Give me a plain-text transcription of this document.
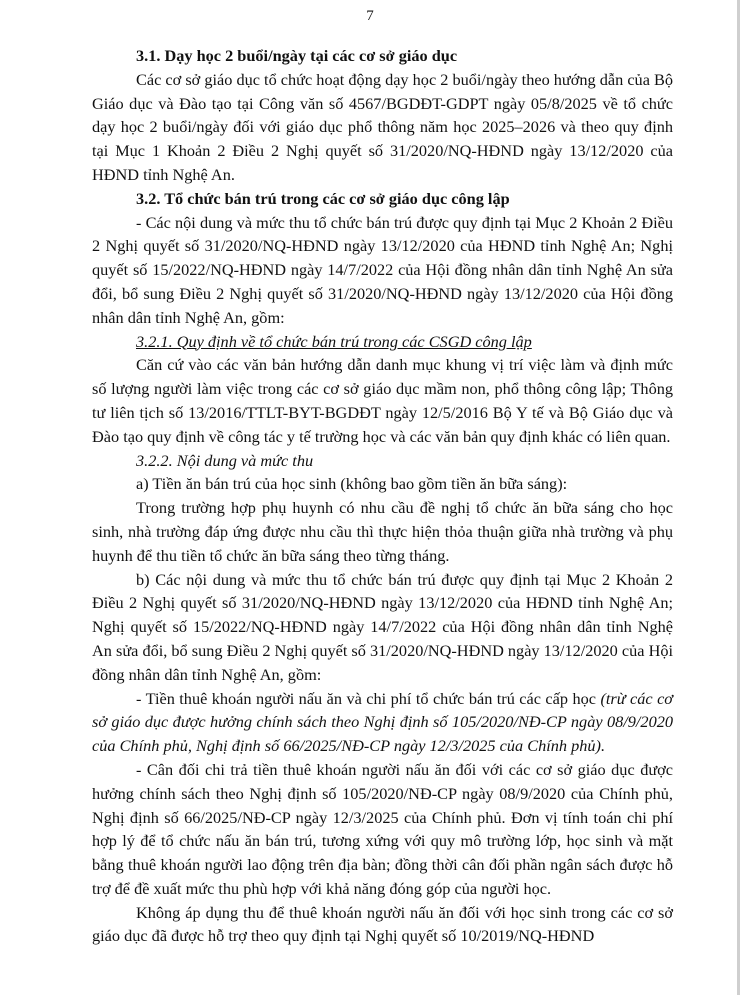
7

3.1. Dạy học 2 buổi/ngày tại các cơ sở giáo dục

Các cơ sở giáo dục tổ chức hoạt động dạy học 2 buổi/ngày theo hướng dẫn của Bộ Giáo dục và Đào tạo tại Công văn số 4567/BGDĐT-GDPT ngày 05/8/2025 về tổ chức dạy học 2 buổi/ngày đối với giáo dục phổ thông năm học 2025–2026 và theo quy định tại Mục 1 Khoản 2 Điều 2 Nghị quyết số 31/2020/NQ-HĐND ngày 13/12/2020 của HĐND tỉnh Nghệ An.

3.2. Tổ chức bán trú trong các cơ sở giáo dục công lập

- Các nội dung và mức thu tổ chức bán trú được quy định tại Mục 2 Khoản 2 Điều 2 Nghị quyết số 31/2020/NQ-HĐND ngày 13/12/2020 của HĐND tỉnh Nghệ An; Nghị quyết số 15/2022/NQ-HĐND ngày 14/7/2022 của Hội đồng nhân dân tỉnh Nghệ An sửa đổi, bổ sung Điều 2 Nghị quyết số 31/2020/NQ-HĐND ngày 13/12/2020 của Hội đồng nhân dân tỉnh Nghệ An, gồm:

3.2.1. Quy định về tổ chức bán trú trong các CSGD công lập

Căn cứ vào các văn bản hướng dẫn danh mục khung vị trí việc làm và định mức số lượng người làm việc trong các cơ sở giáo dục mầm non, phổ thông công lập; Thông tư liên tịch số 13/2016/TTLT-BYT-BGDĐT ngày 12/5/2016 Bộ Y tế và Bộ Giáo dục và Đào tạo quy định về công tác y tế trường học và các văn bản quy định khác có liên quan.

3.2.2. Nội dung và mức thu

a) Tiền ăn bán trú của học sinh (không bao gồm tiền ăn bữa sáng):

Trong trường hợp phụ huynh có nhu cầu đề nghị tổ chức ăn bữa sáng cho học sinh, nhà trường đáp ứng được nhu cầu thì thực hiện thỏa thuận giữa nhà trường và phụ huynh để thu tiền tổ chức ăn bữa sáng theo từng tháng.

b) Các nội dung và mức thu tổ chức bán trú được quy định tại Mục 2 Khoản 2 Điều 2 Nghị quyết số 31/2020/NQ-HĐND ngày 13/12/2020 của HĐND tỉnh Nghệ An; Nghị quyết số 15/2022/NQ-HĐND ngày 14/7/2022 của Hội đồng nhân dân tỉnh Nghệ An sửa đổi, bổ sung Điều 2 Nghị quyết số 31/2020/NQ-HĐND ngày 13/12/2020 của Hội đồng nhân dân tỉnh Nghệ An, gồm:

- Tiền thuê khoán người nấu ăn và chi phí tổ chức bán trú các cấp học (trừ các cơ sở giáo dục được hưởng chính sách theo Nghị định số 105/2020/NĐ-CP ngày 08/9/2020 của Chính phủ, Nghị định số 66/2025/NĐ-CP ngày 12/3/2025 của Chính phủ).

- Cân đối chi trả tiền thuê khoán người nấu ăn đối với các cơ sở giáo dục được hưởng chính sách theo Nghị định số 105/2020/NĐ-CP ngày 08/9/2020 của Chính phủ, Nghị định số 66/2025/NĐ-CP ngày 12/3/2025 của Chính phủ. Đơn vị tính toán chi phí hợp lý để tổ chức nấu ăn bán trú, tương xứng với quy mô trường lớp, học sinh và mặt bằng thuê khoán người lao động trên địa bàn; đồng thời cân đối phần ngân sách được hỗ trợ để đề xuất mức thu phù hợp với khả năng đóng góp của người học.

Không áp dụng thu để thuê khoán người nấu ăn đối với học sinh trong các cơ sở giáo dục đã được hỗ trợ theo quy định tại Nghị quyết số 10/2019/NQ-HĐND
